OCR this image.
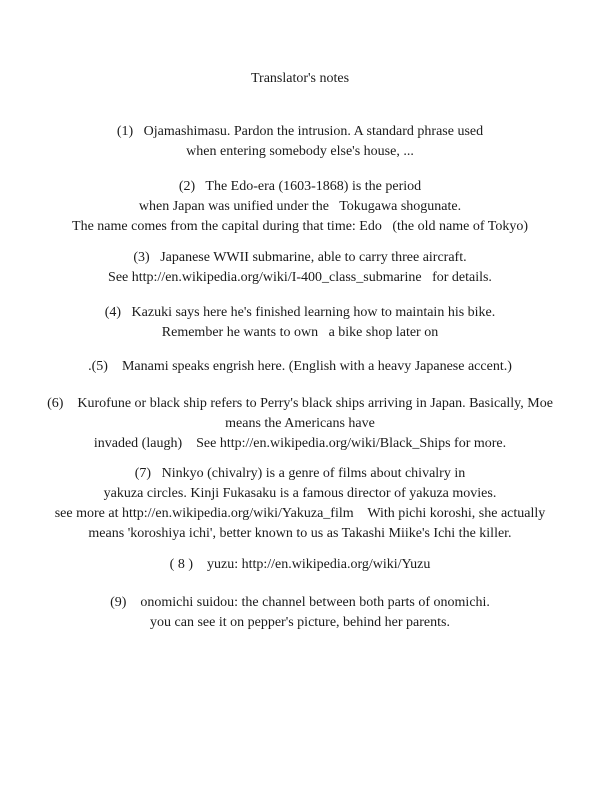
Translator's notes
(1)   Ojamashimasu. Pardon the intrusion. A standard phrase used
when entering somebody else's house, ...
(2)   The Edo-era (1603-1868) is the period
when Japan was unified under the   Tokugawa shogunate.
The name comes from the capital during that time: Edo   (the old name of Tokyo)
(3)   Japanese WWII submarine, able to carry three aircraft.
See http://en.wikipedia.org/wiki/I-400_class_submarine   for details.
(4)   Kazuki says here he's finished learning how to maintain his bike.
Remember he wants to own   a bike shop later on
.(5)    Manami speaks engrish here. (English with a heavy Japanese accent.)
(6)    Kurofune or black ship refers to Perry's black ships arriving in Japan. Basically, Moe
means the Americans have
invaded (laugh)    See http://en.wikipedia.org/wiki/Black_Ships for more.
(7)   Ninkyo (chivalry) is a genre of films about chivalry in
yakuza circles. Kinji Fukasaku is a famous director of yakuza movies.
see more at http://en.wikipedia.org/wiki/Yakuza_film    With pichi koroshi, she actually
means 'koroshiya ichi', better known to us as Takashi Miike's Ichi the killer.
( 8 )    yuzu: http://en.wikipedia.org/wiki/Yuzu
(9)    onomichi suidou: the channel between both parts of onomichi.
you can see it on pepper's picture, behind her parents.
